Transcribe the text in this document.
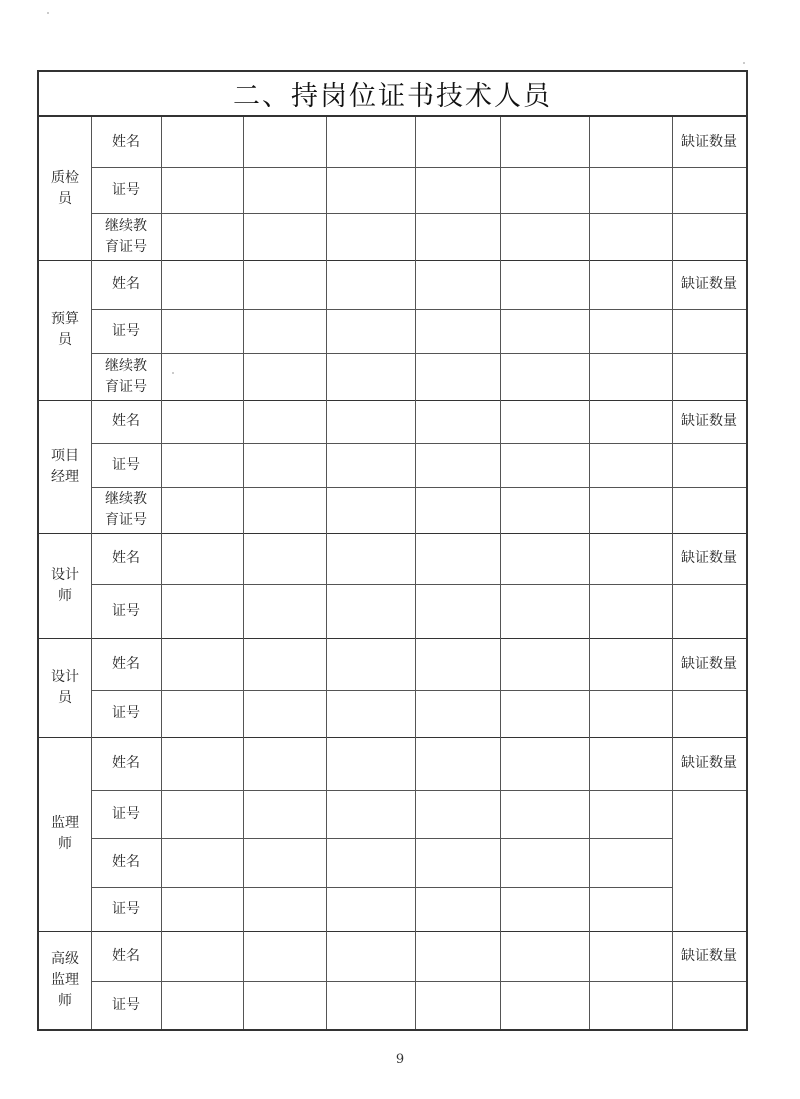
二、持岗位证书技术人员
质检
员
姓名
证号
继续教
育证号
缺证数量
预算
员
姓名
证号
继续教
育证号
缺证数量
项目
经理
姓名
证号
继续教
育证号
缺证数量
设计
师
姓名
证号
缺证数量
设计
员
姓名
证号
缺证数量
监理
师
姓名
证号
姓名
证号
缺证数量
高级
监理
师
姓名
证号
缺证数量
9
